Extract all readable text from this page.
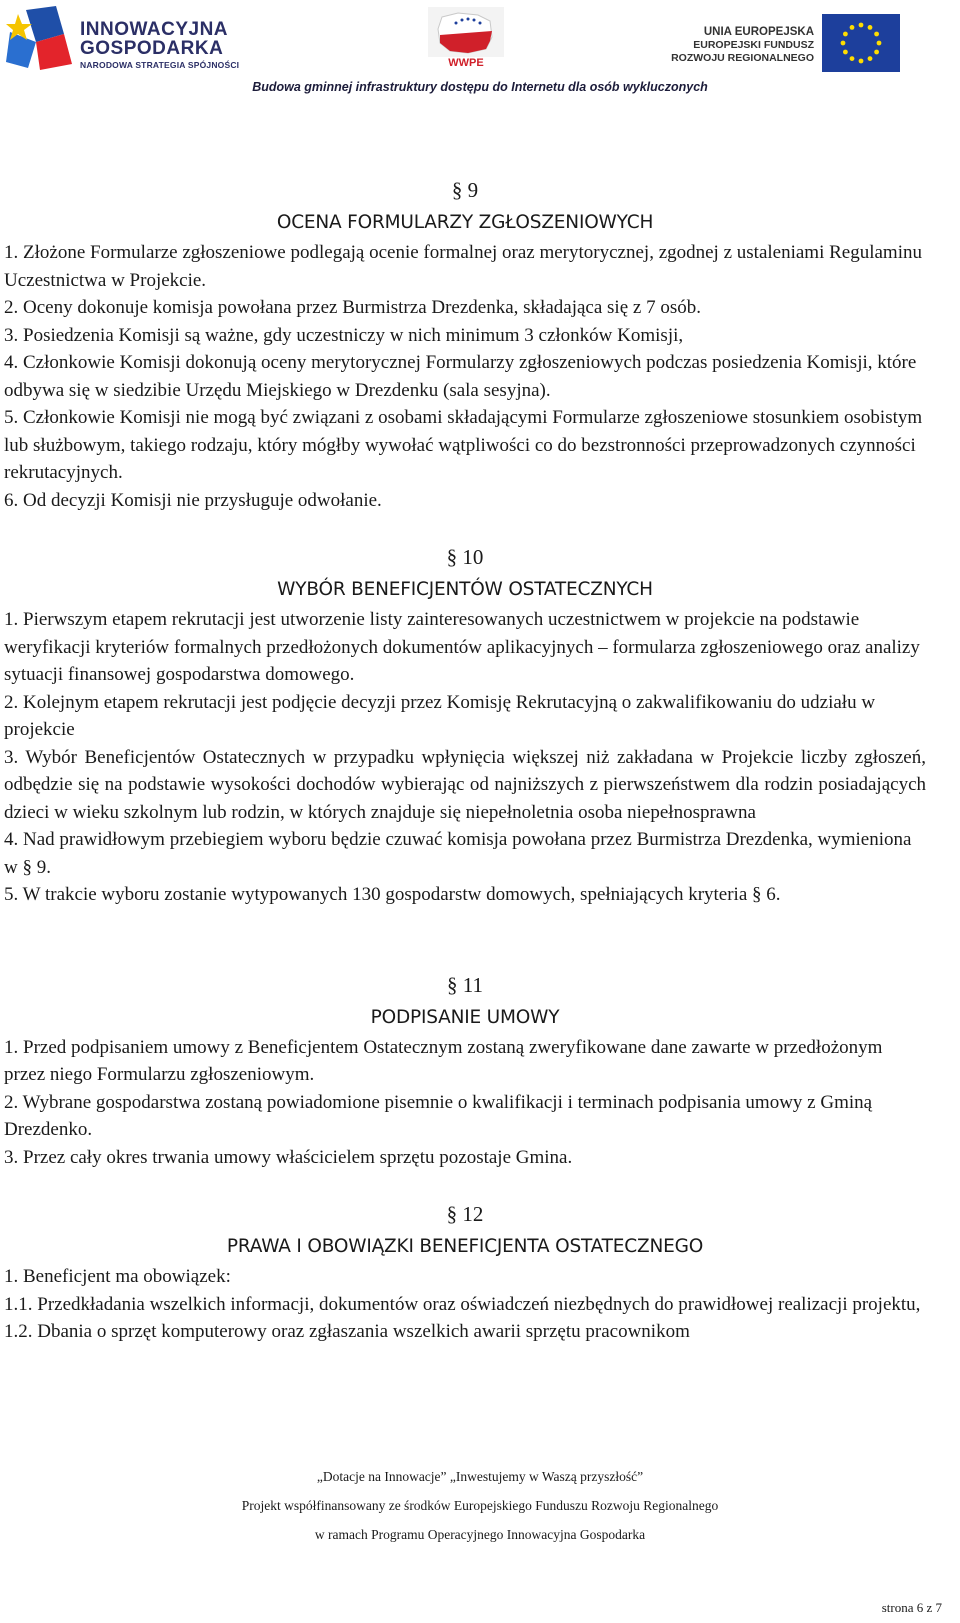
INNOWACYJNA
GOSPODARKA
NARODOWA STRATEGIA SPÓJNOŚCI	WWPE
UNIA EUROPEJSKA
EUROPEJSKI FUNDUSZ
ROZWOJU REGIONALNEGO
Budowa gminnej infrastruktury dostępu do Internetu dla osób wykluczonych

§ 9

OCENA FORMULARZY ZGŁOSZENIOWYCH

1. Złożone Formularze zgłoszeniowe podlegają ocenie formalnej oraz merytorycznej, zgodnej z ustaleniami Regulaminu Uczestnictwa w Projekcie.

2. Oceny dokonuje komisja powołana przez Burmistrza Drezdenka, składająca się z 7 osób.

3. Posiedzenia Komisji są ważne, gdy uczestniczy w nich minimum 3 członków Komisji,

4. Członkowie Komisji dokonują oceny merytorycznej Formularzy zgłoszeniowych podczas posiedzenia Komisji, które odbywa się w siedzibie Urzędu Miejskiego w Drezdenku (sala sesyjna).

5. Członkowie Komisji nie mogą być związani z osobami składającymi Formularze zgłoszeniowe stosunkiem osobistym lub służbowym, takiego rodzaju, który mógłby wywołać wątpliwości co do bezstronności przeprowadzonych czynności rekrutacyjnych.

6. Od decyzji Komisji nie przysługuje odwołanie.

§ 10

WYBÓR BENEFICJENTÓW OSTATECZNYCH

1. Pierwszym etapem rekrutacji jest utworzenie listy zainteresowanych uczestnictwem w projekcie na podstawie weryfikacji kryteriów formalnych przedłożonych dokumentów aplikacyjnych – formularza zgłoszeniowego oraz analizy sytuacji finansowej gospodarstwa domowego.

2. Kolejnym etapem rekrutacji jest podjęcie decyzji przez Komisję Rekrutacyjną o zakwalifikowaniu do udziału w projekcie

3. Wybór Beneficjentów Ostatecznych w przypadku wpłynięcia większej niż zakładana w Projekcie liczby zgłoszeń, odbędzie się na podstawie wysokości dochodów wybierając od najniższych z pierwszeństwem dla rodzin posiadających dzieci w wieku szkolnym lub rodzin, w których znajduje się niepełnoletnia osoba niepełnosprawna

4. Nad prawidłowym przebiegiem wyboru będzie czuwać komisja powołana przez Burmistrza Drezdenka, wymieniona w § 9.

5. W trakcie wyboru zostanie wytypowanych 130 gospodarstw domowych, spełniających kryteria § 6.

§ 11

PODPISANIE UMOWY

1. Przed podpisaniem umowy z Beneficjentem Ostatecznym zostaną zweryfikowane dane zawarte w przedłożonym przez niego Formularzu zgłoszeniowym.

2. Wybrane gospodarstwa zostaną powiadomione pisemnie o kwalifikacji i terminach podpisania umowy z Gminą Drezdenko.

3. Przez cały okres trwania umowy właścicielem sprzętu pozostaje Gmina.

§ 12

PRAWA I OBOWIĄZKI BENEFICJENTA OSTATECZNEGO

1. Beneficjent ma obowiązek:

1.1. Przedkładania wszelkich informacji, dokumentów oraz oświadczeń niezbędnych do prawidłowej realizacji projektu,

1.2. Dbania o sprzęt komputerowy oraz zgłaszania wszelkich awarii sprzętu pracownikom

„Dotacje na Innowacje” „Inwestujemy w Waszą przyszłość”
Projekt współfinansowany ze środków Europejskiego Funduszu Rozwoju Regionalnego
w ramach Programu Operacyjnego Innowacyjna Gospodarka
strona 6 z 7
